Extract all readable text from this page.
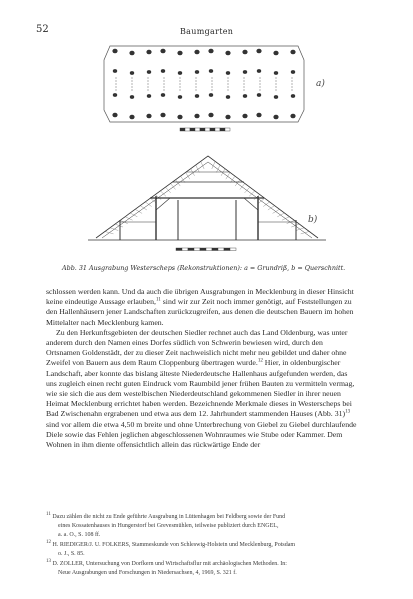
52	Baumgarten
a)
b)
Abb. 31 Ausgrabung Westerscheps (Rekonstruktionen): a = Grundriß, b = Querschnitt.

schlossen werden kann. Und da auch die übrigen Ausgrabungen in Mecklenburg in dieser Hinsicht keine eindeutige Aussage erlauben,$^{11}$ sind wir zur Zeit noch immer genötigt, auf Feststellungen zu den Hallenhäusern jener Landschaften zurückzugreifen, aus denen die deutschen Bauern im hohen Mittelalter nach Mecklenburg kamen.

Zu den Herkunftsgebieten der deutschen Siedler rechnet auch das Land Oldenburg, was unter anderem durch den Namen eines Dorfes südlich von Schwerin bewiesen wird, durch den Ortsnamen Goldenstädt, der zu dieser Zeit nachweislich nicht mehr neu gebildet und daher ohne Zweifel von Bauern aus dem Raum Cloppenburg übertragen wurde.$^{12}$ Hier, in oldenburgischer Landschaft, aber konnte das bislang älteste Niederdeutsche Hallenhaus aufgefunden werden, das uns zugleich einen recht guten Eindruck vom Raumbild jener frühen Bauten zu vermitteln vermag, wie sie sich die aus dem westelbischen Niederdeutschland gekommenen Siedler in ihrer neuen Heimat Mecklenburg errichtet haben werden. Bezeichnende Merkmale dieses in Westerscheps bei Bad Zwischenahn ergrabenen und etwa aus dem 12. Jahrhundert stammenden Hauses (Abb. 31)$^{13}$ sind vor allem die etwa 4,50 m breite und ohne Unterbrechung von Giebel zu Giebel durchlaufende Diele sowie das Fehlen jeglichen abgeschlossenen Wohnraumes wie Stube oder Kammer. Dem Wohnen in ihm diente offensichtlich allein das rückwärtige Ende der

$^{11}$ Dazu zählen die nicht zu Ende geführte Ausgrabung in Lüttenhagen bei Feldberg sowie der Fund
eines Kossatenhauses in Hungerstorf bei Grevesmühlen, teilweise publiziert durch ENGEL,
a. a. O., S. 108 ff.

$^{12}$ H. RIEDIGER/J. U. FOLKERS, Stammeskunde von Schleswig-Holstein und Mecklenburg, Potsdam
o. J., S. 85.

$^{13}$ D. ZOLLER, Untersuchung von Dorfkern und Wirtschaftsflur mit archäologischen Methoden. In:
Neue Ausgrabungen und Forschungen in Niedersachsen, 4, 1969, S. 321 f.
